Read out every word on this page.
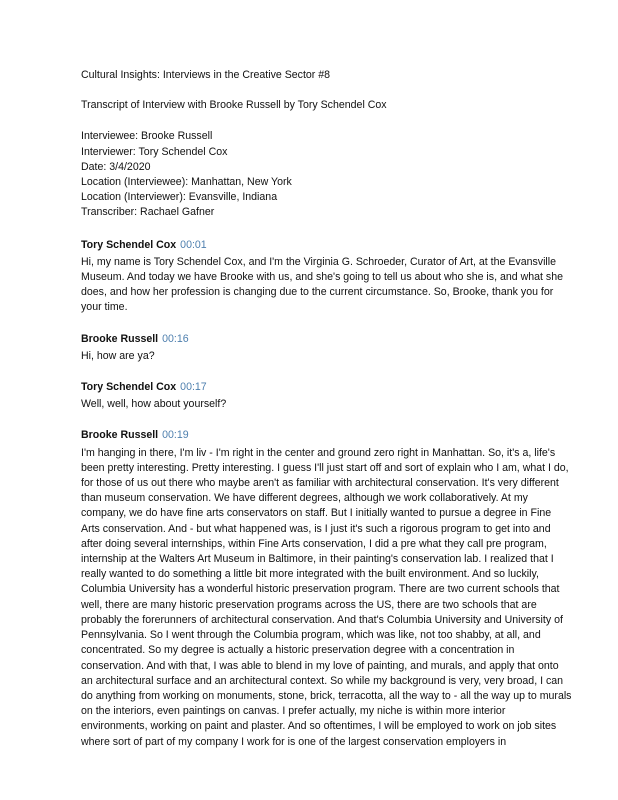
Cultural Insights: Interviews in the Creative Sector #8

Transcript of Interview with Brooke Russell by Tory Schendel Cox

Interviewee: Brooke Russell
Interviewer: Tory Schendel Cox
Date: 3/4/2020
Location (Interviewee): Manhattan, New York
Location (Interviewer): Evansville, Indiana
Transcriber: Rachael Gafner

Tory Schendel Cox 00:01

Hi, my name is Tory Schendel Cox, and I'm the Virginia G. Schroeder, Curator of Art, at the Evansville Museum. And today we have Brooke with us, and she's going to tell us about who she is, and what she does, and how her profession is changing due to the current circumstance. So, Brooke, thank you for your time.

Brooke Russell 00:16

Hi, how are ya?

Tory Schendel Cox 00:17

Well, well, how about yourself?

Brooke Russell 00:19

I'm hanging in there, I'm liv - I'm right in the center and ground zero right in Manhattan. So, it's a, life's been pretty interesting. Pretty interesting. I guess I'll just start off and sort of explain who I am, what I do, for those of us out there who maybe aren't as familiar with architectural conservation. It's very different than museum conservation. We have different degrees, although we work collaboratively. At my company, we do have fine arts conservators on staff. But I initially wanted to pursue a degree in Fine Arts conservation. And - but what happened was, is I just it's such a rigorous program to get into and after doing several internships, within Fine Arts conservation, I did a pre what they call pre program, internship at the Walters Art Museum in Baltimore, in their painting's conservation lab. I realized that I really wanted to do something a little bit more integrated with the built environment. And so luckily, Columbia University has a wonderful historic preservation program. There are two current schools that well, there are many historic preservation programs across the US, there are two schools that are probably the forerunners of architectural conservation. And that's Columbia University and University of Pennsylvania. So I went through the Columbia program, which was like, not too shabby, at all, and concentrated. So my degree is actually a historic preservation degree with a concentration in conservation. And with that, I was able to blend in my love of painting, and murals, and apply that onto an architectural surface and an architectural context. So while my background is very, very broad, I can do anything from working on monuments, stone, brick, terracotta, all the way to - all the way up to murals on the interiors, even paintings on canvas. I prefer actually, my niche is within more interior environments, working on paint and plaster. And so oftentimes, I will be employed to work on job sites where sort of part of my company I work for is one of the largest conservation employers in
